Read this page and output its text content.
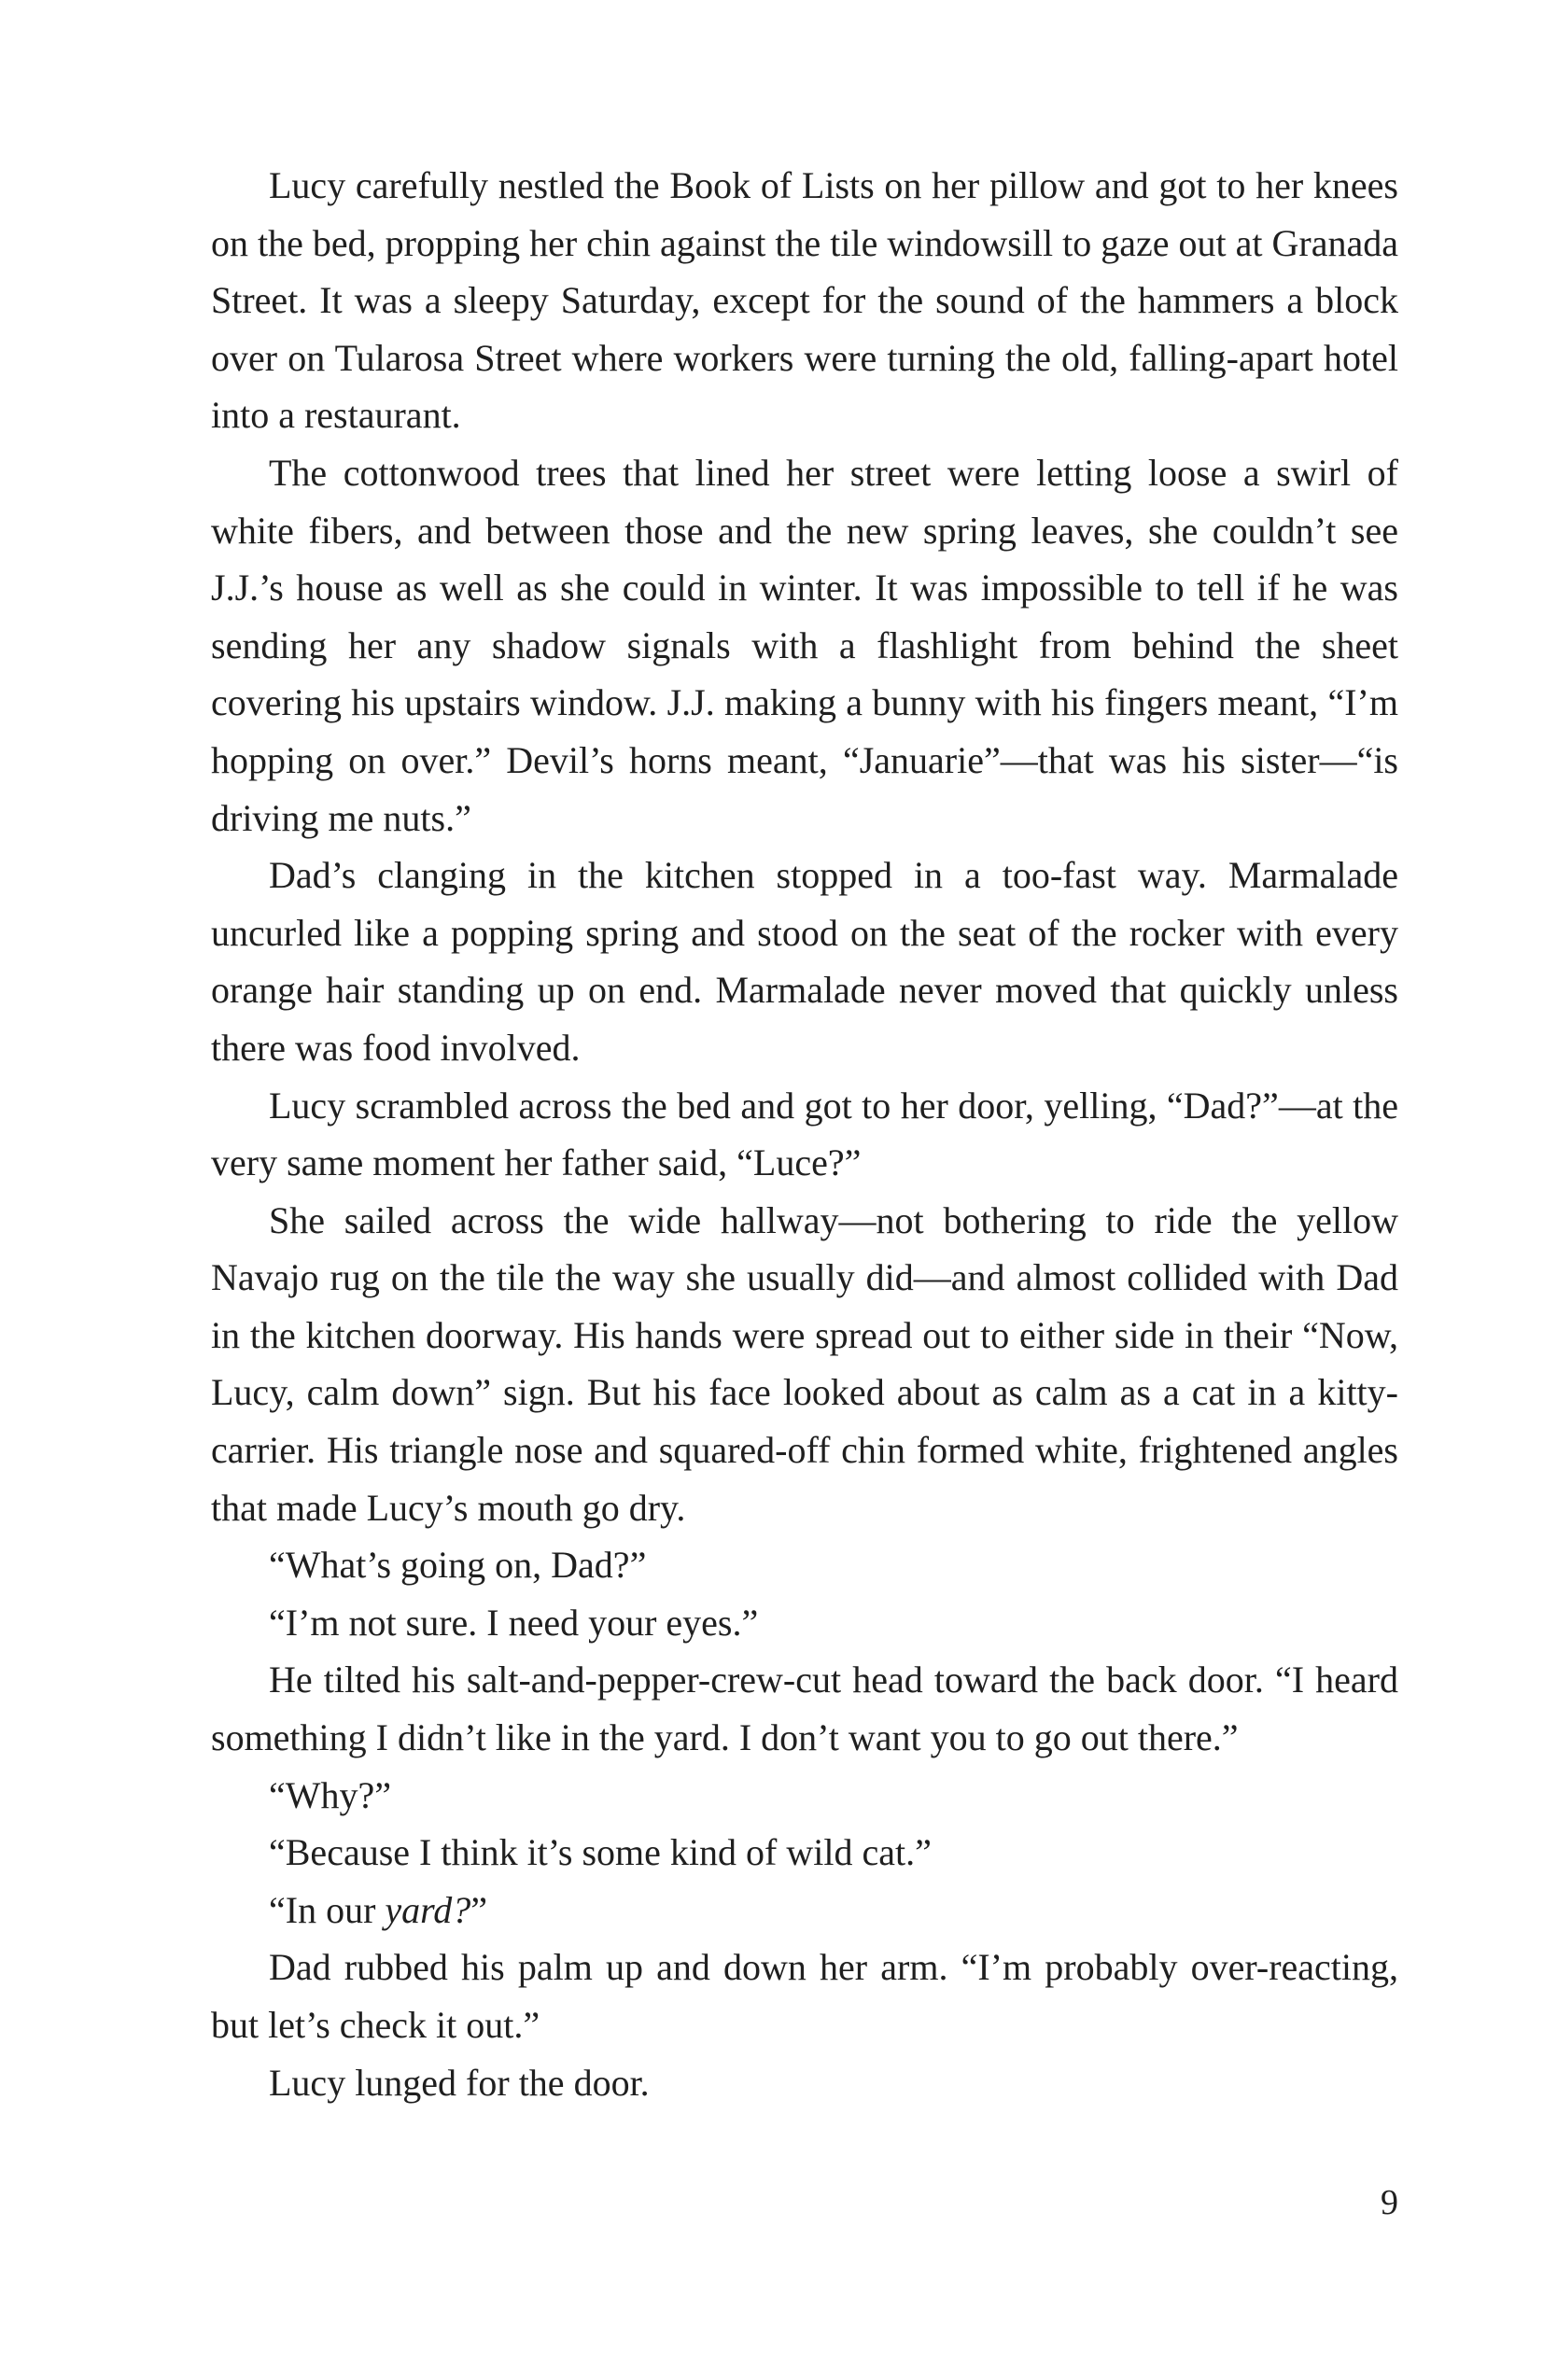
Lucy carefully nestled the Book of Lists on her pillow and got to her knees on the bed, propping her chin against the tile windowsill to gaze out at Granada Street. It was a sleepy Saturday, except for the sound of the hammers a block over on Tularosa Street where workers were turning the old, falling-apart hotel into a restaurant.

The cottonwood trees that lined her street were letting loose a swirl of white fibers, and between those and the new spring leaves, she couldn’t see J.J.’s house as well as she could in winter. It was impossible to tell if he was sending her any shadow signals with a flashlight from behind the sheet covering his upstairs window. J.J. making a bunny with his fingers meant, “I’m hopping on over.” Devil’s horns meant, “Januarie”—that was his sister—“is driving me nuts.”

Dad’s clanging in the kitchen stopped in a too-fast way. Marmalade uncurled like a popping spring and stood on the seat of the rocker with every orange hair standing up on end. Marmalade never moved that quickly unless there was food involved.

Lucy scrambled across the bed and got to her door, yelling, “Dad?”—at the very same moment her father said, “Luce?”

She sailed across the wide hallway—not bothering to ride the yellow Navajo rug on the tile the way she usually did—and almost collided with Dad in the kitchen doorway. His hands were spread out to either side in their “Now, Lucy, calm down” sign. But his face looked about as calm as a cat in a kitty-carrier. His triangle nose and squared-off chin formed white, frightened angles that made Lucy’s mouth go dry.

“What’s going on, Dad?”

“I’m not sure. I need your eyes.”

He tilted his salt-and-pepper-crew-cut head toward the back door. “I heard something I didn’t like in the yard. I don’t want you to go out there.”

“Why?”

“Because I think it’s some kind of wild cat.”

“In our yard?”

Dad rubbed his palm up and down her arm. “I’m probably over-reacting, but let’s check it out.”

Lucy lunged for the door.

9
